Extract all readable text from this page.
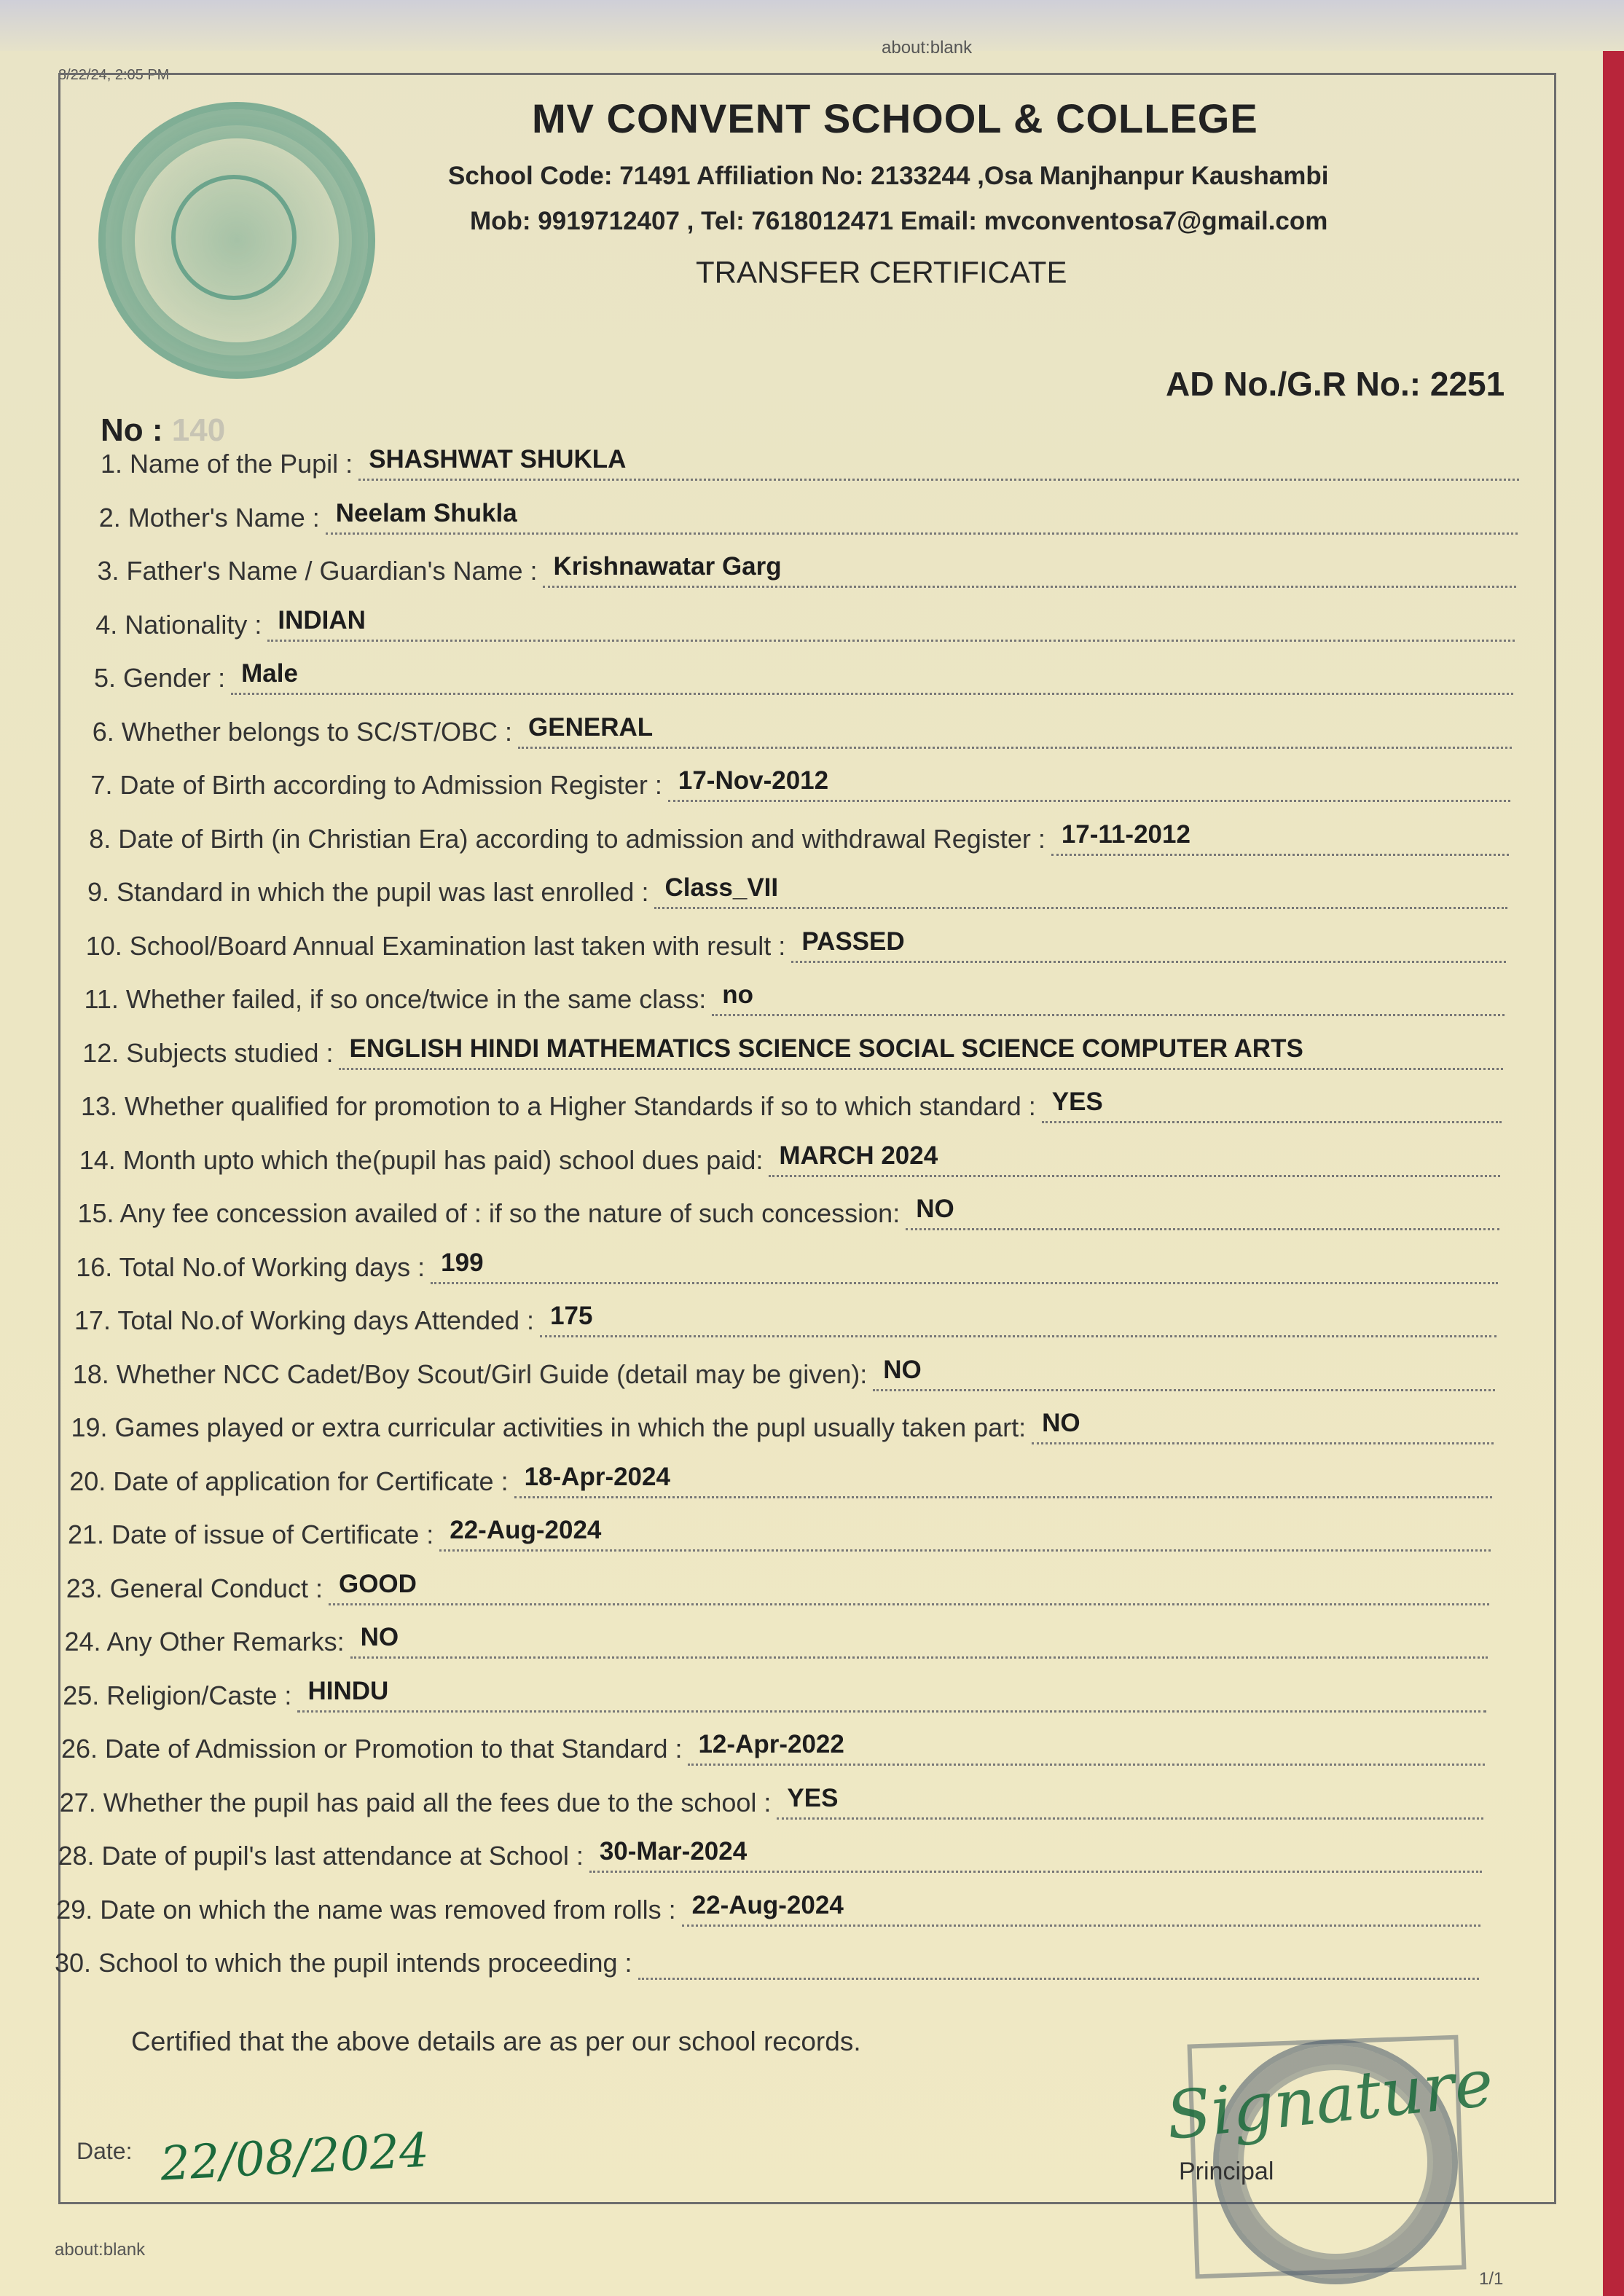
8/22/24, 2:05 PM
about:blank
MV CONVENT SCHOOL & COLLEGE
School Code: 71491 Affiliation No: 2133244 ,Osa Manjhanpur Kaushambi
Mob: 9919712407 , Tel: 7618012471 Email: mvconventosa7@gmail.com
TRANSFER CERTIFICATE
AD No./G.R No.: 2251
No : 140
1. Name of the Pupil : SHASHWAT SHUKLA
2. Mother's Name : Neelam Shukla
3. Father's Name / Guardian's Name : Krishnawatar Garg
4. Nationality : INDIAN
5. Gender : Male
6. Whether belongs to SC/ST/OBC : GENERAL
7. Date of Birth according to Admission Register : 17-Nov-2012
8. Date of Birth (in Christian Era) according to admission and withdrawal Register : 17-11-2012
9. Standard in which the pupil was last enrolled : Class_VII
10. School/Board Annual Examination last taken with result : PASSED
11. Whether failed, if so once/twice in the same class: no
12. Subjects studied : ENGLISH HINDI MATHEMATICS SCIENCE SOCIAL SCIENCE COMPUTER ARTS
13. Whether qualified for promotion to a Higher Standards if so to which standard : YES
14. Month upto which the(pupil has paid) school dues paid: MARCH 2024
15. Any fee concession availed of : if so the nature of such concession: NO
16. Total No.of Working days : 199
17. Total No.of Working days Attended : 175
18. Whether NCC Cadet/Boy Scout/Girl Guide (detail may be given): NO
19. Games played or extra curricular activities in which the pupl usually taken part: NO
20. Date of application for Certificate : 18-Apr-2024
21. Date of issue of Certificate : 22-Aug-2024
23. General Conduct : GOOD
24. Any Other Remarks: NO
25. Religion/Caste : HINDU
26. Date of Admission or Promotion to that Standard : 12-Apr-2022
27. Whether the pupil has paid all the fees due to the school : YES
28. Date of pupil's last attendance at School : 30-Mar-2024
29. Date on which the name was removed from rolls : 22-Aug-2024
30. School to which the pupil intends proceeding :
Certified that the above details are as per our school records.
Date: 22/08/2024
Signature
Principal
about:blank
1/1
